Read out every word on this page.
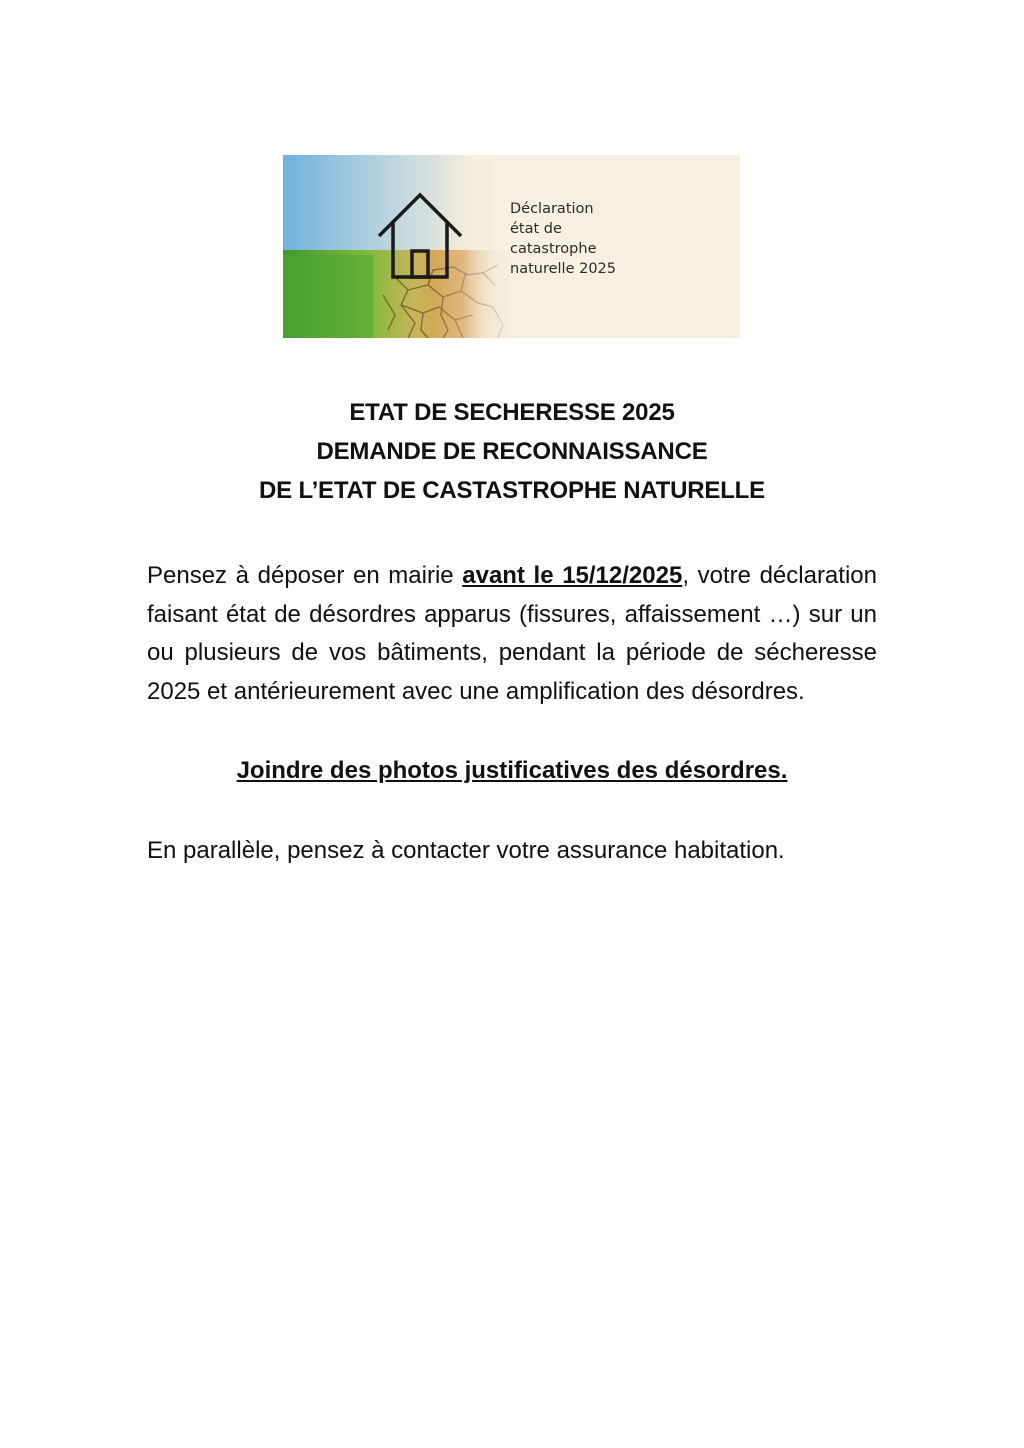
Déclaration
état de
catastrophe
naturelle 2025
ETAT DE SECHERESSE 2025
DEMANDE DE RECONNAISSANCE
DE L’ETAT DE CASTASTROPHE NATURELLE
Pensez à déposer en mairie avant le 15/12/2025, votre déclaration faisant état de désordres apparus (fissures, affaissement …) sur un ou plusieurs de vos bâtiments, pendant la période de sécheresse 2025 et antérieurement avec une amplification des désordres.
Joindre des photos justificatives des désordres.
En parallèle, pensez à contacter votre assurance habitation.
